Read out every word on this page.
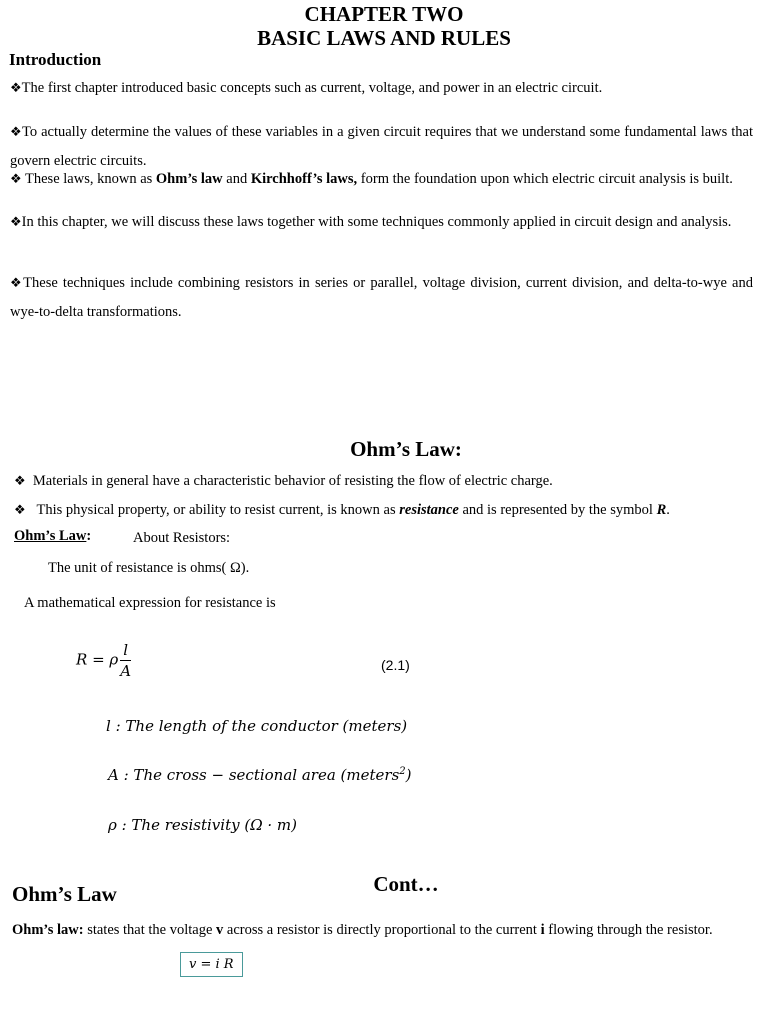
CHAPTER TWO
BASIC LAWS AND RULES
Introduction
❖The first chapter introduced basic concepts such as current, voltage, and power in an electric circuit.
❖To actually determine the values of these variables in a given circuit requires that we understand some fundamental laws that govern electric circuits.
❖ These laws, known as Ohm’s law and Kirchhoff’s laws, form the foundation upon which electric circuit analysis is built.
❖In this chapter, we will discuss these laws together with some techniques commonly applied in circuit design and analysis.
❖These techniques include combining resistors in series or parallel, voltage division, current division, and delta-to-wye and wye-to-delta transformations.
Ohm’s Law:
❖ Materials in general have a characteristic behavior of resisting the flow of electric charge.
❖ This physical property, or ability to resist current, is known as resistance and is represented by the symbol R.
Ohm’s Law:	About Resistors:
The unit of resistance is ohms( Ω).
A mathematical expression for resistance is
R = ρ $\frac{l}{A}$	(2.1)
l : The length of the conductor (meters)
A : The cross − sectional area (meters$^2$)
ρ : The resistivity (Ω · m)
Cont…
Ohm’s Law
Ohm’s law: states that the voltage v across a resistor is directly proportional to the current i flowing through the resistor.
v = i R
